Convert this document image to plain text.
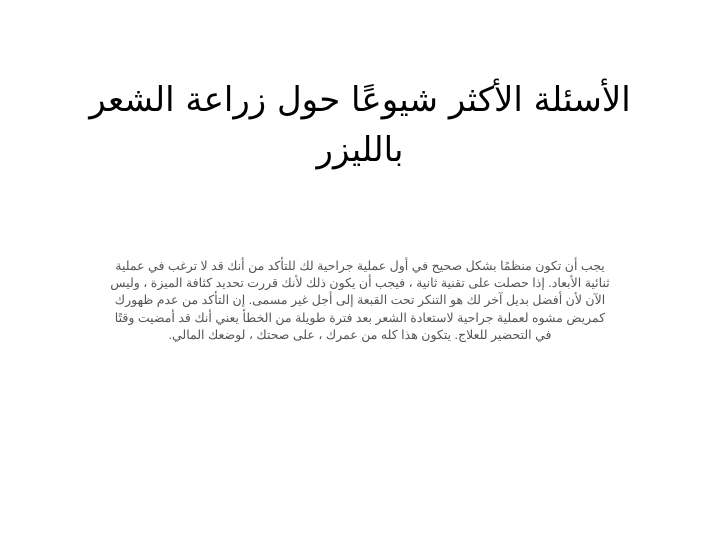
الأسئلة الأكثر شيوعًا حول زراعة الشعر بالليزر

يجب أن تكون منظمًا بشكل صحيح في أول عملية جراحية لك للتأكد من أنك قد لا ترغب في عملية ثنائية الأبعاد. إذا حصلت على تقنية ثانية ، فيجب أن يكون ذلك لأنك قررت تحديد كثافة الميزة ، وليس الآن لأن أفضل بديل آخر لك هو التنكر تحت القبعة إلى أجل غير مسمى. إن التأكد من عدم ظهورك كمريض مشوه لعملية جراحية لاستعادة الشعر بعد فترة طويلة من الخطأ يعني أنك قد أمضيت وقتًا في التحضير للعلاج. يتكون هذا كله من عمرك ، على صحتك ، لوضعك المالي.
